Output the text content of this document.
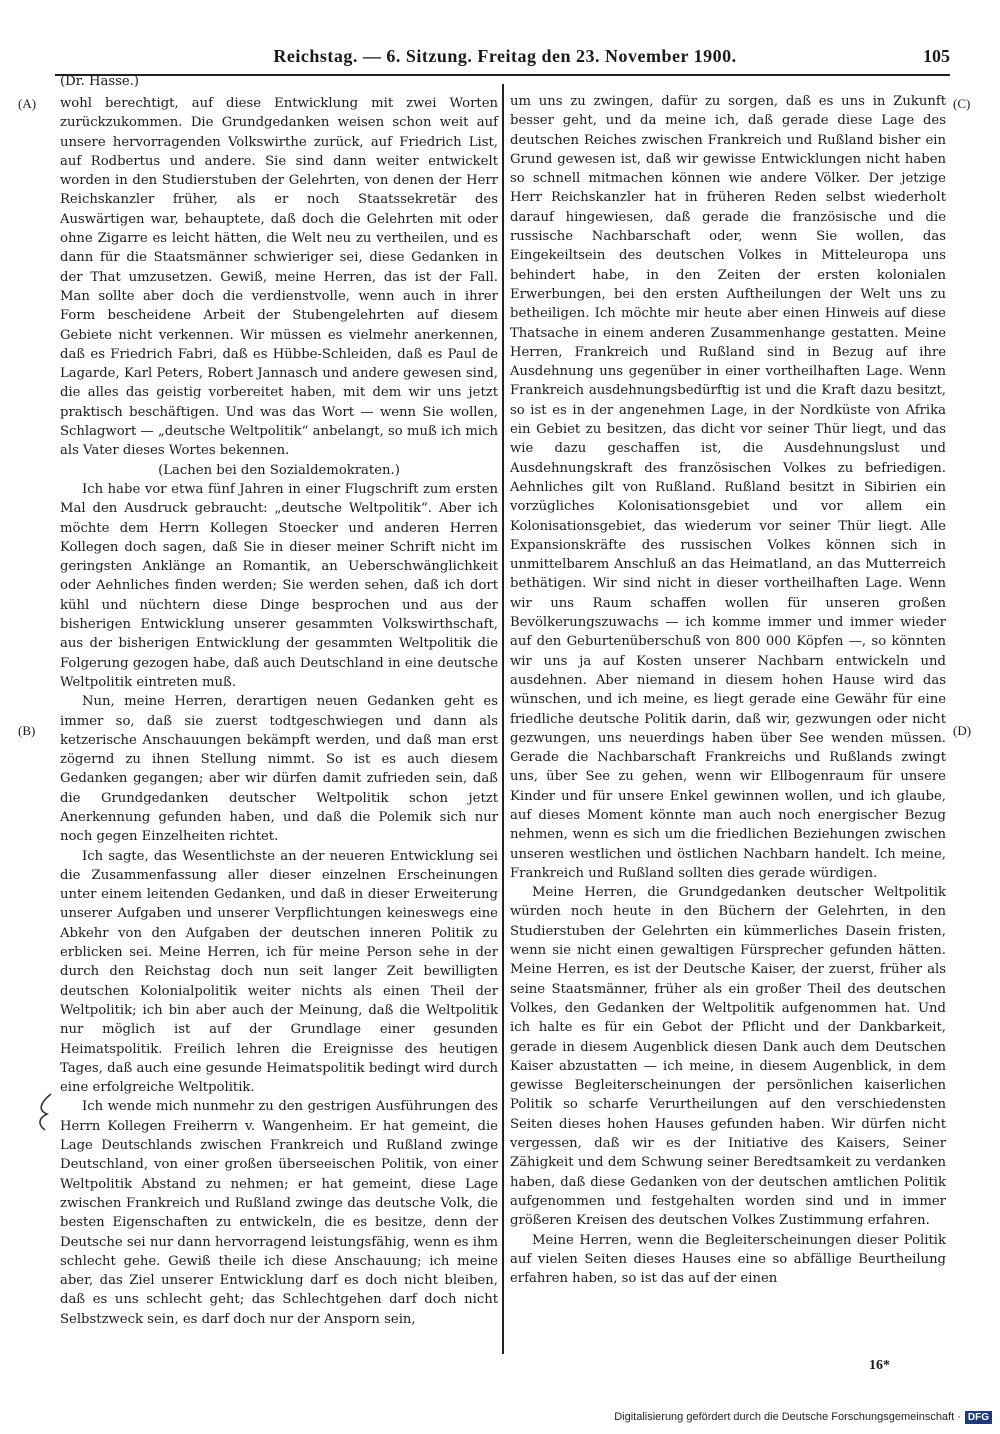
Reichstag. — 6. Sitzung. Freitag den 23. November 1900.	105
(Dr. Hasse.)
(A)
(B)
(C)
(D)

wohl berechtigt, auf diese Entwicklung mit zwei Worten zurückzukommen. Die Grundgedanken weisen schon weit auf unsere hervorragenden Volkswirthe zurück, auf Friedrich List, auf Rodbertus und andere. Sie sind dann weiter entwickelt worden in den Studierstuben der Gelehrten, von denen der Herr Reichskanzler früher, als er noch Staatssekretär des Auswärtigen war, behauptete, daß doch die Gelehrten mit oder ohne Zigarre es leicht hätten, die Welt neu zu vertheilen, und es dann für die Staatsmänner schwieriger sei, diese Gedanken in der That umzusetzen. Gewiß, meine Herren, das ist der Fall. Man sollte aber doch die verdienstvolle, wenn auch in ihrer Form bescheidene Arbeit der Stubengelehrten auf diesem Gebiete nicht verkennen. Wir müssen es vielmehr anerkennen, daß es Friedrich Fabri, daß es Hübbe-Schleiden, daß es Paul de Lagarde, Karl Peters, Robert Jannasch und andere gewesen sind, die alles das geistig vorbereitet haben, mit dem wir uns jetzt praktisch beschäftigen. Und was das Wort — wenn Sie wollen, Schlagwort — „deutsche Weltpolitik“ anbelangt, so muß ich mich als Vater dieses Wortes bekennen.

(Lachen bei den Sozialdemokraten.)

Ich habe vor etwa fünf Jahren in einer Flugschrift zum ersten Mal den Ausdruck gebraucht: „deutsche Weltpolitik“. Aber ich möchte dem Herrn Kollegen Stoecker und anderen Herren Kollegen doch sagen, daß Sie in dieser meiner Schrift nicht im geringsten Anklänge an Romantik, an Ueberschwänglichkeit oder Aehnliches finden werden; Sie werden sehen, daß ich dort kühl und nüchtern diese Dinge besprochen und aus der bisherigen Entwicklung unserer gesammten Volkswirthschaft, aus der bisherigen Entwicklung der gesammten Weltpolitik die Folgerung gezogen habe, daß auch Deutschland in eine deutsche Weltpolitik eintreten muß.

Nun, meine Herren, derartigen neuen Gedanken geht es immer so, daß sie zuerst todtgeschwiegen und dann als ketzerische Anschauungen bekämpft werden, und daß man erst zögernd zu ihnen Stellung nimmt. So ist es auch diesem Gedanken gegangen; aber wir dürfen damit zufrieden sein, daß die Grundgedanken deutscher Weltpolitik schon jetzt Anerkennung gefunden haben, und daß die Polemik sich nur noch gegen Einzelheiten richtet.

Ich sagte, das Wesentlichste an der neueren Entwicklung sei die Zusammenfassung aller dieser einzelnen Erscheinungen unter einem leitenden Gedanken, und daß in dieser Erweiterung unserer Aufgaben und unserer Verpflichtungen keineswegs eine Abkehr von den Aufgaben der deutschen inneren Politik zu erblicken sei. Meine Herren, ich für meine Person sehe in der durch den Reichstag doch nun seit langer Zeit bewilligten deutschen Kolonialpolitik weiter nichts als einen Theil der Weltpolitik; ich bin aber auch der Meinung, daß die Weltpolitik nur möglich ist auf der Grundlage einer gesunden Heimatspolitik. Freilich lehren die Ereignisse des heutigen Tages, daß auch eine gesunde Heimatspolitik bedingt wird durch eine erfolgreiche Weltpolitik.

Ich wende mich nunmehr zu den gestrigen Ausführungen des Herrn Kollegen Freiherrn v. Wangenheim. Er hat gemeint, die Lage Deutschlands zwischen Frankreich und Rußland zwinge Deutschland, von einer großen überseeischen Politik, von einer Weltpolitik Abstand zu nehmen; er hat gemeint, diese Lage zwischen Frankreich und Rußland zwinge das deutsche Volk, die besten Eigenschaften zu entwickeln, die es besitze, denn der Deutsche sei nur dann hervorragend leistungsfähig, wenn es ihm schlecht gehe. Gewiß theile ich diese Anschauung; ich meine aber, das Ziel unserer Entwicklung darf es doch nicht bleiben, daß es uns schlecht geht; das Schlechtgehen darf doch nicht Selbstzweck sein, es darf doch nur der Ansporn sein,

um uns zu zwingen, dafür zu sorgen, daß es uns in Zukunft besser geht, und da meine ich, daß gerade diese Lage des deutschen Reiches zwischen Frankreich und Rußland bisher ein Grund gewesen ist, daß wir gewisse Entwicklungen nicht haben so schnell mitmachen können wie andere Völker. Der jetzige Herr Reichskanzler hat in früheren Reden selbst wiederholt darauf hingewiesen, daß gerade die französische und die russische Nachbarschaft oder, wenn Sie wollen, das Eingekeiltsein des deutschen Volkes in Mitteleuropa uns behindert habe, in den Zeiten der ersten kolonialen Erwerbungen, bei den ersten Auftheilungen der Welt uns zu betheiligen. Ich möchte mir heute aber einen Hinweis auf diese Thatsache in einem anderen Zusammenhange gestatten. Meine Herren, Frankreich und Rußland sind in Bezug auf ihre Ausdehnung uns gegenüber in einer vortheilhaften Lage. Wenn Frankreich ausdehnungsbedürftig ist und die Kraft dazu besitzt, so ist es in der angenehmen Lage, in der Nordküste von Afrika ein Gebiet zu besitzen, das dicht vor seiner Thür liegt, und das wie dazu geschaffen ist, die Ausdehnungslust und Ausdehnungskraft des französischen Volkes zu befriedigen. Aehnliches gilt von Rußland. Rußland besitzt in Sibirien ein vorzügliches Kolonisationsgebiet und vor allem ein Kolonisationsgebiet, das wiederum vor seiner Thür liegt. Alle Expansionskräfte des russischen Volkes können sich in unmittelbarem Anschluß an das Heimatland, an das Mutterreich bethätigen. Wir sind nicht in dieser vortheilhaften Lage. Wenn wir uns Raum schaffen wollen für unseren großen Bevölkerungszuwachs — ich komme immer und immer wieder auf den Geburtenüberschuß von 800 000 Köpfen —, so könnten wir uns ja auf Kosten unserer Nachbarn entwickeln und ausdehnen. Aber niemand in diesem hohen Hause wird das wünschen, und ich meine, es liegt gerade eine Gewähr für eine friedliche deutsche Politik darin, daß wir, gezwungen oder nicht gezwungen, uns neuerdings haben über See wenden müssen. Gerade die Nachbarschaft Frankreichs und Rußlands zwingt uns, über See zu gehen, wenn wir Ellbogenraum für unsere Kinder und für unsere Enkel gewinnen wollen, und ich glaube, auf dieses Moment könnte man auch noch energischer Bezug nehmen, wenn es sich um die friedlichen Beziehungen zwischen unseren westlichen und östlichen Nachbarn handelt. Ich meine, Frankreich und Rußland sollten dies gerade würdigen.

Meine Herren, die Grundgedanken deutscher Weltpolitik würden noch heute in den Büchern der Gelehrten, in den Studierstuben der Gelehrten ein kümmerliches Dasein fristen, wenn sie nicht einen gewaltigen Fürsprecher gefunden hätten. Meine Herren, es ist der Deutsche Kaiser, der zuerst, früher als seine Staatsmänner, früher als ein großer Theil des deutschen Volkes, den Gedanken der Weltpolitik aufgenommen hat. Und ich halte es für ein Gebot der Pflicht und der Dankbarkeit, gerade in diesem Augenblick diesen Dank auch dem Deutschen Kaiser abzustatten — ich meine, in diesem Augenblick, in dem gewisse Begleiterscheinungen der persönlichen kaiserlichen Politik so scharfe Verurtheilungen auf den verschiedensten Seiten dieses hohen Hauses gefunden haben. Wir dürfen nicht vergessen, daß wir es der Initiative des Kaisers, Seiner Zähigkeit und dem Schwung seiner Beredtsamkeit zu verdanken haben, daß diese Gedanken von der deutschen amtlichen Politik aufgenommen und festgehalten worden sind und in immer größeren Kreisen des deutschen Volkes Zustimmung erfahren.

Meine Herren, wenn die Begleiterscheinungen dieser Politik auf vielen Seiten dieses Hauses eine so abfällige Beurtheilung erfahren haben, so ist das auf der einen

16*
Digitalisierung gefördert durch die Deutsche Forschungsgemeinschaft · DFG
